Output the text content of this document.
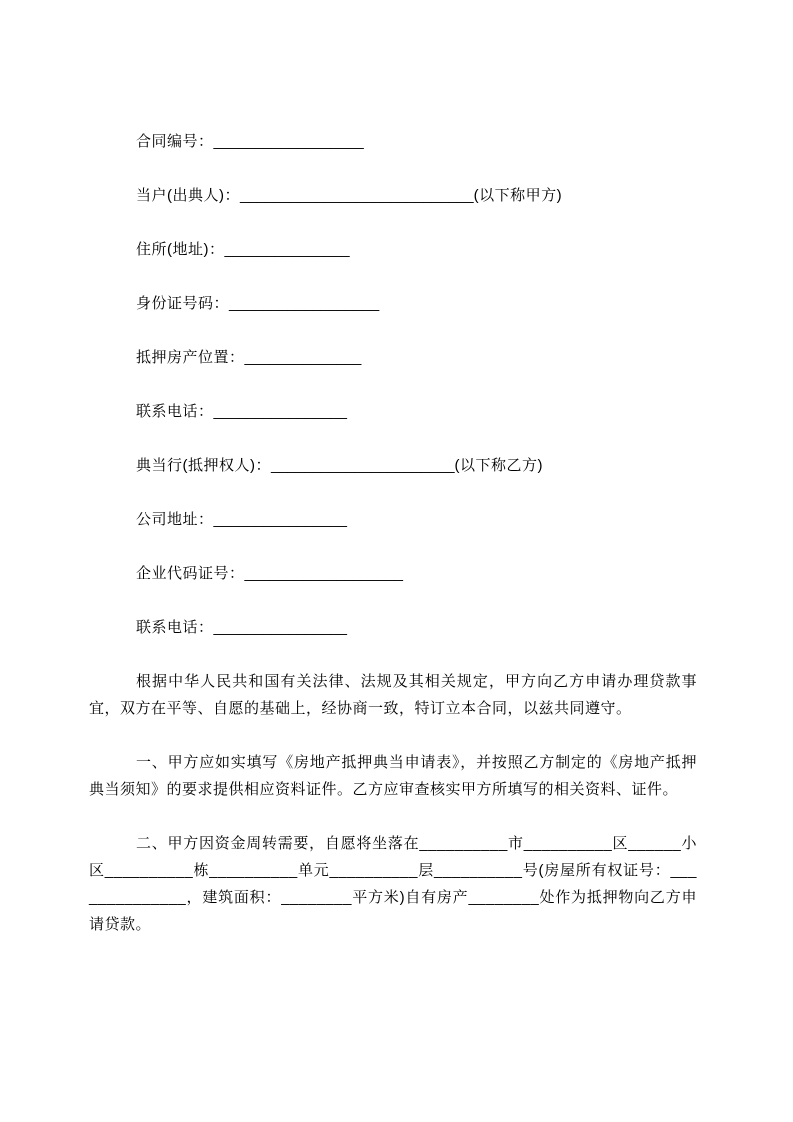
合同编号：__________________

当户(出典人)：____________________________(以下称甲方)

住所(地址)：_______________

身份证号码：__________________

抵押房产位置：______________

联系电话：________________

典当行(抵押权人)：______________________(以下称乙方)

公司地址：________________

企业代码证号：___________________

联系电话：________________

根据中华人民共和国有关法律、法规及其相关规定，甲方向乙方申请办理贷款事宜，双方在平等、自愿的基础上，经协商一致，特订立本合同，以兹共同遵守。

一、甲方应如实填写《房地产抵押典当申请表》，并按照乙方制定的《房地产抵押典当须知》的要求提供相应资料证件。乙方应审查核实甲方所填写的相关资料、证件。

二、甲方因资金周转需要，自愿将坐落在__________市__________区______小区__________栋__________单元__________层__________号(房屋所有权证号：______________，建筑面积：________平方米)自有房产________处作为抵押物向乙方申请贷款。
